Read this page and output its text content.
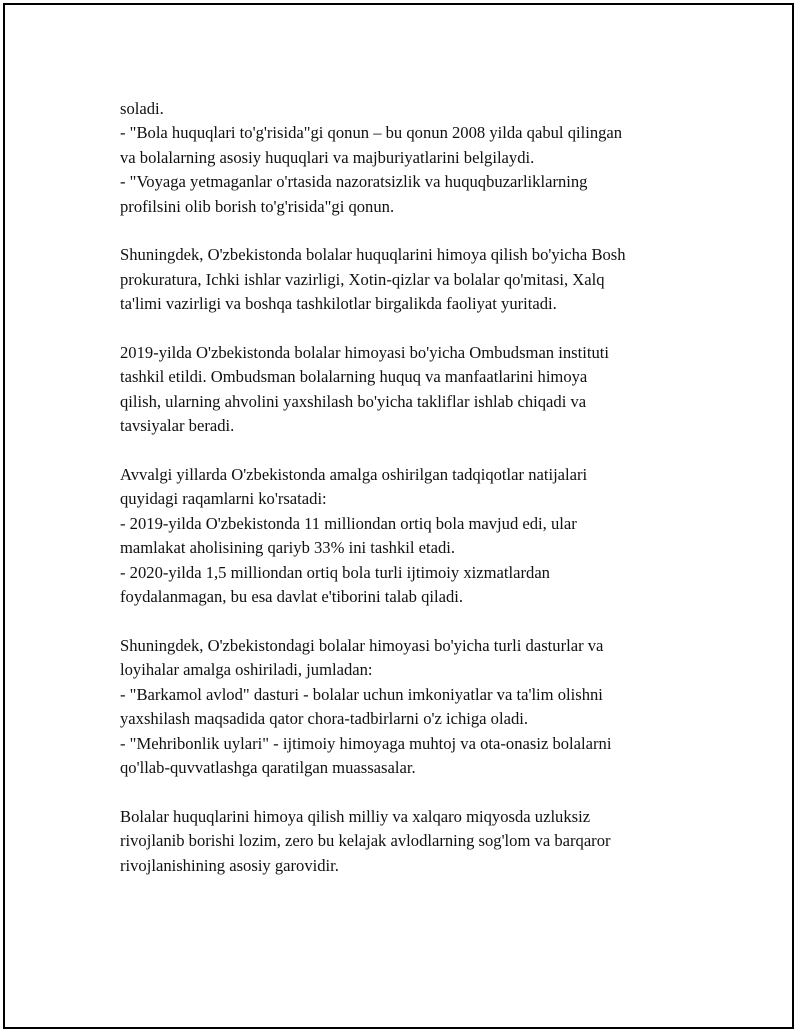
soladi.
- "Bola huquqlari to'g'risida"gi qonun – bu qonun 2008 yilda qabul qilingan
va bolalarning asosiy huquqlari va majburiyatlarini belgilaydi.
- "Voyaga yetmaganlar o'rtasida nazoratsizlik va huquqbuzarliklarning
profilsini olib borish to'g'risida"gi qonun.

Shuningdek, O'zbekistonda bolalar huquqlarini himoya qilish bo'yicha Bosh
prokuratura, Ichki ishlar vazirligi, Xotin-qizlar va bolalar qo'mitasi, Xalq
ta'limi vazirligi va boshqa tashkilotlar birgalikda faoliyat yuritadi.

2019-yilda O'zbekistonda bolalar himoyasi bo'yicha Ombudsman instituti
tashkil etildi. Ombudsman bolalarning huquq va manfaatlarini himoya
qilish, ularning ahvolini yaxshilash bo'yicha takliflar ishlab chiqadi va
tavsiyalar beradi.

Avvalgi yillarda O'zbekistonda amalga oshirilgan tadqiqotlar natijalari
quyidagi raqamlarni ko'rsatadi:
- 2019-yilda O'zbekistonda 11 milliondan ortiq bola mavjud edi, ular
mamlakat aholisining qariyb 33% ini tashkil etadi.
- 2020-yilda 1,5 milliondan ortiq bola turli ijtimoiy xizmatlardan
foydalanmagan, bu esa davlat e'tiborini talab qiladi.

Shuningdek, O'zbekistondagi bolalar himoyasi bo'yicha turli dasturlar va
loyihalar amalga oshiriladi, jumladan:
- "Barkamol avlod" dasturi - bolalar uchun imkoniyatlar va ta'lim olishni
yaxshilash maqsadida qator chora-tadbirlarni o'z ichiga oladi.
- "Mehribonlik uylari" - ijtimoiy himoyaga muhtoj va ota-onasiz bolalarni
qo'llab-quvvatlashga qaratilgan muassasalar.

Bolalar huquqlarini himoya qilish milliy va xalqaro miqyosda uzluksiz
rivojlanib borishi lozim, zero bu kelajak avlodlarning sog'lom va barqaror
rivojlanishining asosiy garovidir.
